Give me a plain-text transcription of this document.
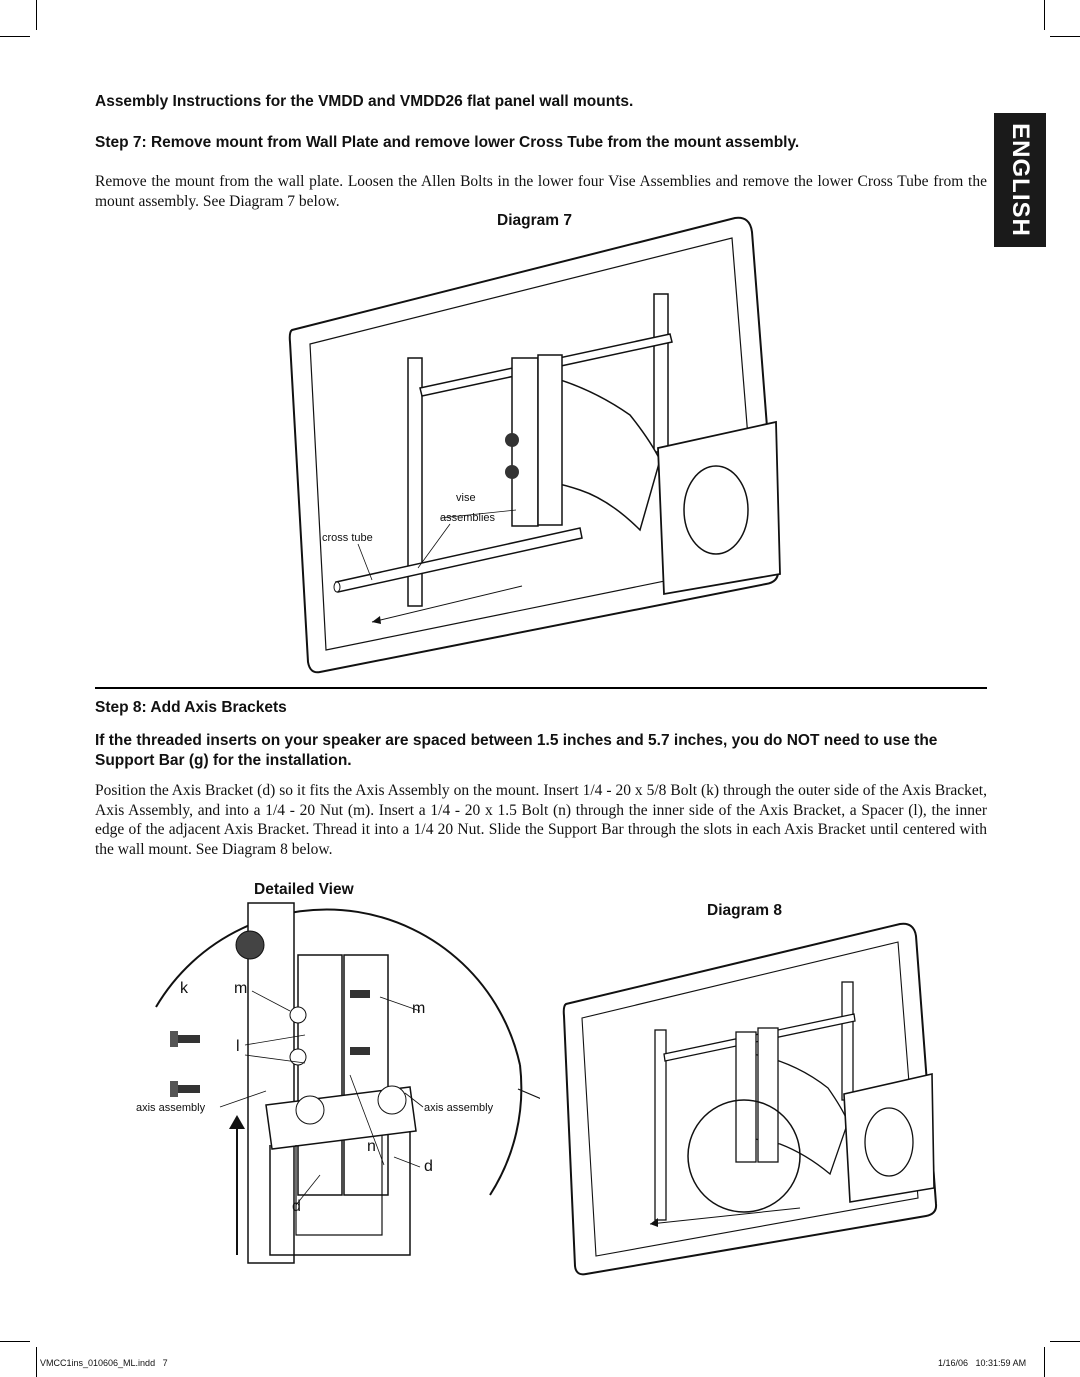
ENGLISH
Assembly Instructions for the VMDD and VMDD26 flat panel wall mounts.
Step 7: Remove mount from Wall Plate and remove lower Cross Tube from the mount assembly.
Remove the mount from the wall plate. Loosen the Allen Bolts in the lower four Vise Assemblies and remove the lower Cross Tube from the mount assembly. See Diagram 7 below.
Diagram 7
vise
assemblies
cross tube
Step 8: Add Axis Brackets
If the threaded inserts on your speaker are spaced between 1.5 inches and 5.7 inches, you do NOT need to use the Support Bar (g) for the installation.
Position the Axis Bracket (d) so it fits the Axis Assembly on the mount. Insert 1/4 - 20 x 5/8 Bolt (k) through the outer side of the Axis Bracket, Axis Assembly, and into a 1/4 - 20 Nut (m). Insert a 1/4 - 20 x 1.5 Bolt (n) through the inner side of the Axis Bracket, a Spacer (l), the inner edge of the adjacent Axis Bracket. Thread it into a 1/4 20 Nut. Slide the Support Bar through the slots in each Axis Bracket until centered with the wall mount. See Diagram 8 below.
Detailed View
Diagram 8
k	m
m
l
n
d
d
axis assembly	axis assembly
VMCC1ins_010606_ML.indd   7	1/16/06   10:31:59 AM
